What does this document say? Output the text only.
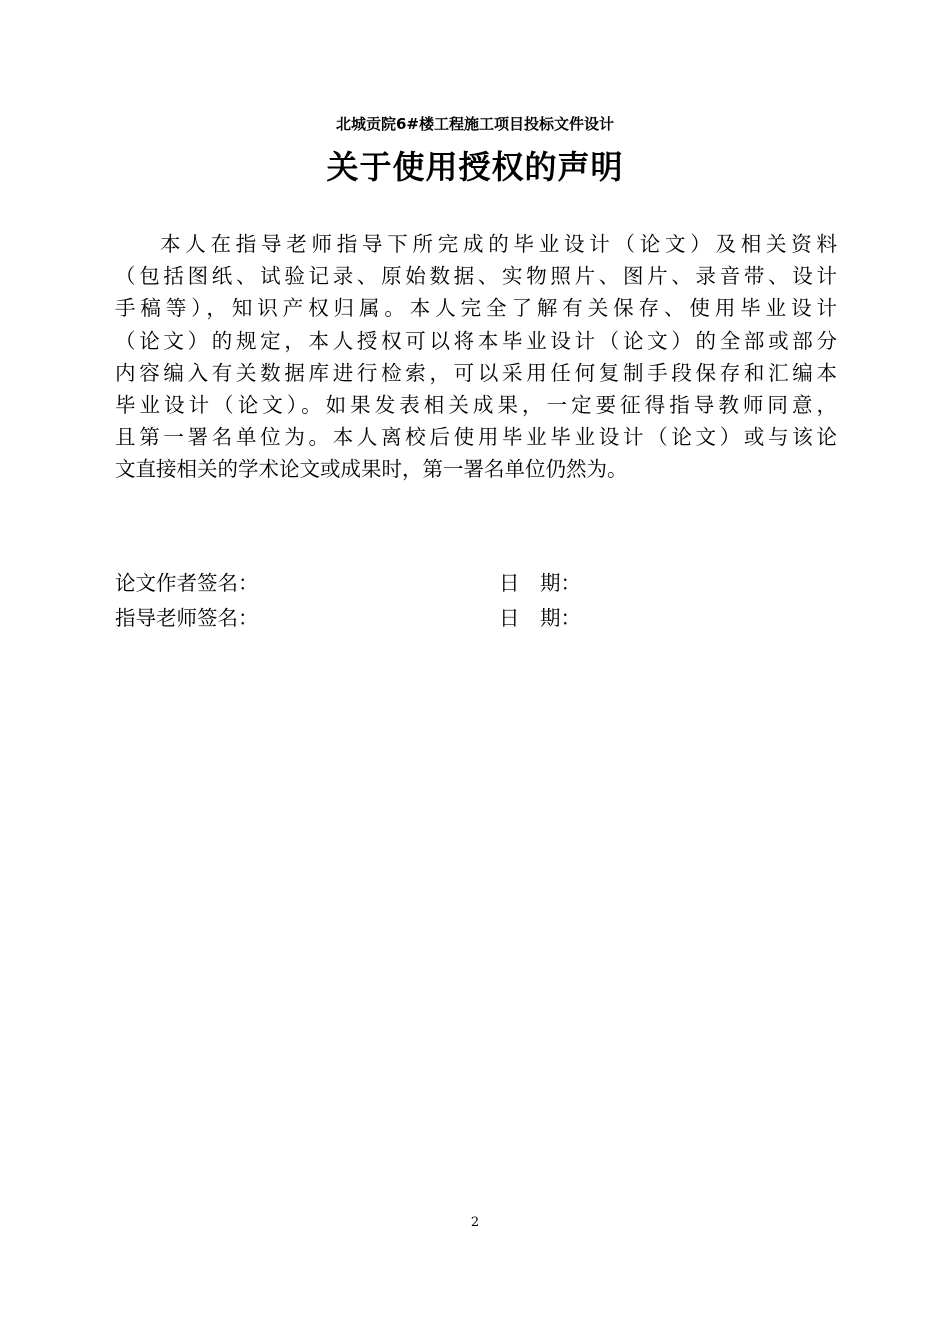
北城贡院6#楼工程施工项目投标文件设计
关于使用授权的声明
本人在指导老师指导下所完成的毕业设计（论文）及相关资料
（包括图纸、试验记录、原始数据、实物照片、图片、录音带、设计
手稿等），知识产权归属。本人完全了解有关保存、使用毕业设计
（论文）的规定，本人授权可以将本毕业设计（论文）的全部或部分
内容编入有关数据库进行检索，可以采用任何复制手段保存和汇编本
毕业设计（论文）。如果发表相关成果，一定要征得指导教师同意，
且第一署名单位为。本人离校后使用毕业毕业设计（论文）或与该论
文直接相关的学术论文或成果时，第一署名单位仍然为。
论文作者签名：	日　期：
指导老师签名：	日　期：
2
